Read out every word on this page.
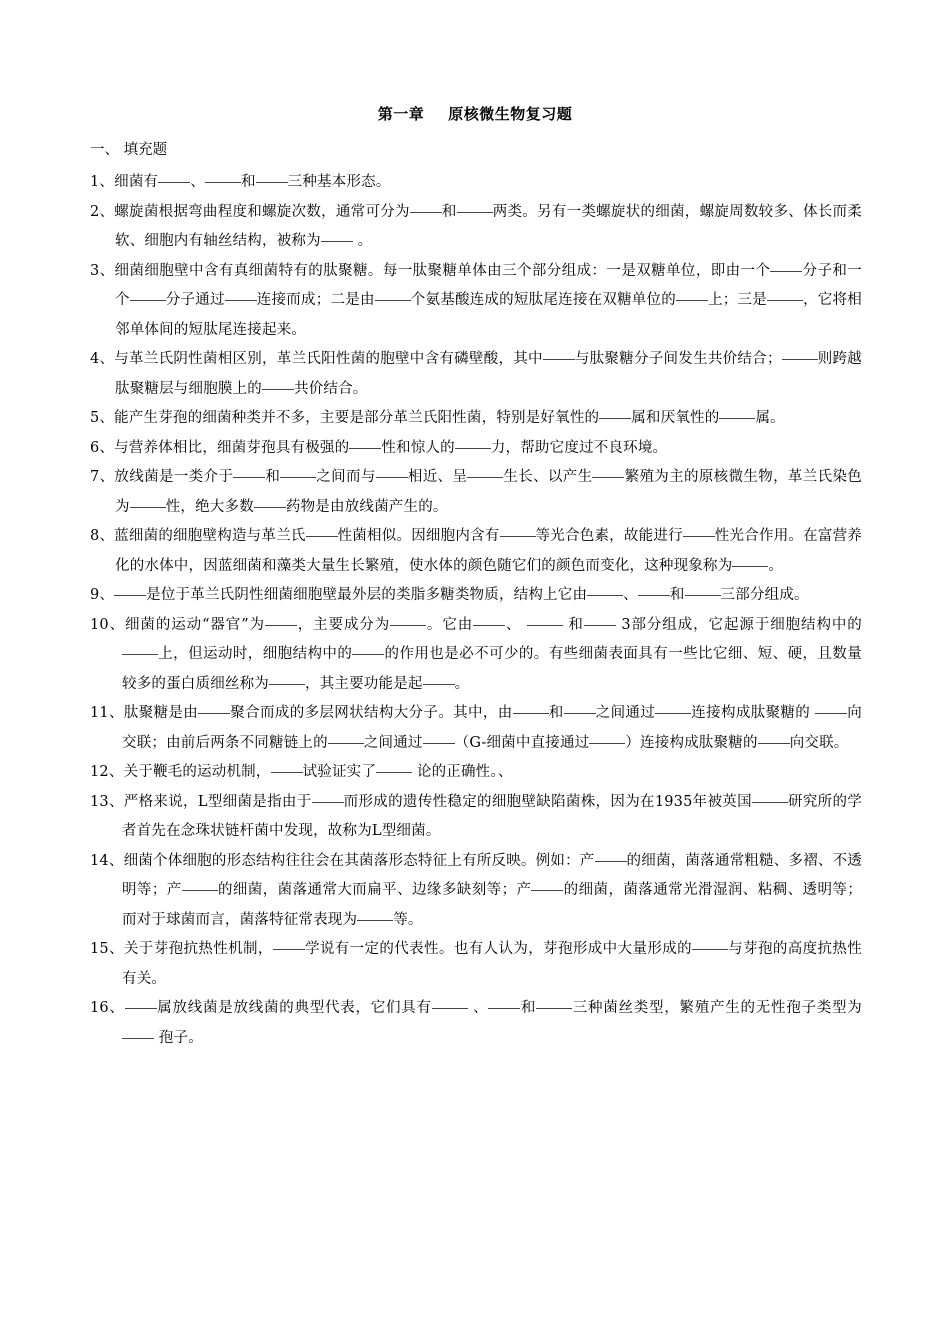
第一章 原核微生物复习题
一、 填充题

1、细菌有 、 和 三种基本形态。

2、螺旋菌根据弯曲程度和螺旋次数，通常可分为 和 两类。另有一类螺旋状的细菌，螺旋周数较多、体长而柔软、细胞内有轴丝结构，被称为 。

3、细菌细胞壁中含有真细菌特有的肽聚糖。每一肽聚糖单体由三个部分组成：一是双糖单位，即由一个 分子和一个 分子通过 连接而成；二是由 个氨基酸连成的短肽尾连接在双糖单位的 上；三是 ，它将相邻单体间的短肽尾连接起来。

4、与革兰氏阴性菌相区别，革兰氏阳性菌的胞壁中含有磷壁酸，其中 与肽聚糖分子间发生共价结合； 则跨越肽聚糖层与细胞膜上的 共价结合。

5、能产生芽孢的细菌种类并不多，主要是部分革兰氏阳性菌，特别是好氧性的 属和厌氧性的 属。

6、与营养体相比，细菌芽孢具有极强的 性和惊人的 力，帮助它度过不良环境。

7、放线菌是一类介于 和 之间而与 相近、呈 生长、以产生 繁殖为主的原核微生物，革兰氏染色为 性，绝大多数 药物是由放线菌产生的。

8、蓝细菌的细胞壁构造与革兰氏 性菌相似。因细胞内含有 等光合色素，故能进行 性光合作用。在富营养化的水体中，因蓝细菌和藻类大量生长繁殖，使水体的颜色随它们的颜色而变化，这种现象称为 。

9、 是位于革兰氏阴性细菌细胞壁最外层的类脂多糖类物质，结构上它由 、 和 三部分组成。

10、细菌的运动“器官”为 ，主要成分为 。它由 、  和 3部分组成，它起源于细胞结构中的上，但运动时，细胞结构中的 的作用也是必不可少的。有些细菌表面具有一些比它细、短、硬，且数量较多的蛋白质细丝称为 ，其主要功能是起 。

11、肽聚糖是由 聚合而成的多层网状结构大分子。其中，由 和 之间通过 连接构成肽聚糖的 向交联；由前后两条不同糖链上的 之间通过 （G-细菌中直接通过 ）连接构成肽聚糖的 向交联。

12、关于鞭毛的运动机制， 试验证实了 论的正确性。、

13、严格来说，L型细菌是指由于 而形成的遗传性稳定的细胞壁缺陷菌株，因为在1935年被英国 研究所的学者首先在念珠状链杆菌中发现，故称为L型细菌。

14、细菌个体细胞的形态结构往往会在其菌落形态特征上有所反映。例如：产 的细菌，菌落通常粗糙、多褶、不透明等；产 的细菌，菌落通常大而扁平、边缘多缺刻等；产 的细菌，菌落通常光滑湿润、粘稠、透明等；而对于球菌而言，菌落特征常表现为 等。

15、关于芽孢抗热性机制， 学说有一定的代表性。也有人认为，芽孢形成中大量形成的 与芽孢的高度抗热性有关。

16、 属放线菌是放线菌的典型代表，它们具有 、 和 三种菌丝类型，繁殖产生的无性孢子类型为 孢子。
